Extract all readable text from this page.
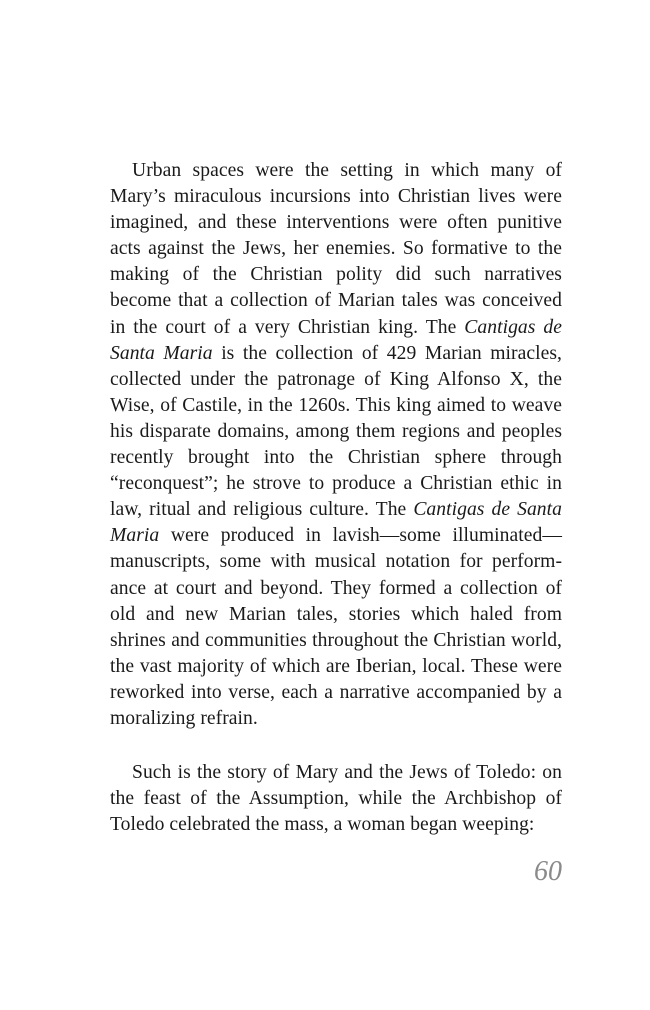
Urban spaces were the setting in which many of Mary’s miraculous incursions into Christian lives were imagined, and these interventions were often punitive acts against the Jews, her enemies. So formative to the making of the Christian polity did such narratives become that a collection of Marian tales was conceived in the court of a very Christian king. The Cantigas de Santa Maria is the collection of 429 Marian miracles, collected under the patronage of King Alfonso X, the Wise, of Castile, in the 1260s. This king aimed to weave his disparate domains, among them regions and peoples recently brought into the Christian sphere through “reconquest”; he strove to produce a Christian ethic in law, ritual and religious culture. The Cantigas de Santa Maria were produced in lavish—some illuminated—manuscripts, some with musical notation for performance at court and beyond. They formed a collection of old and new Marian tales, stories which haled from shrines and communities throughout the Christian world, the vast majority of which are Iberian, local. These were reworked into verse, each a narrative accompanied by a moralizing refrain.

Such is the story of Mary and the Jews of Toledo: on the feast of the Assumption, while the Archbishop of Toledo celebrated the mass, a woman began weeping:

60
